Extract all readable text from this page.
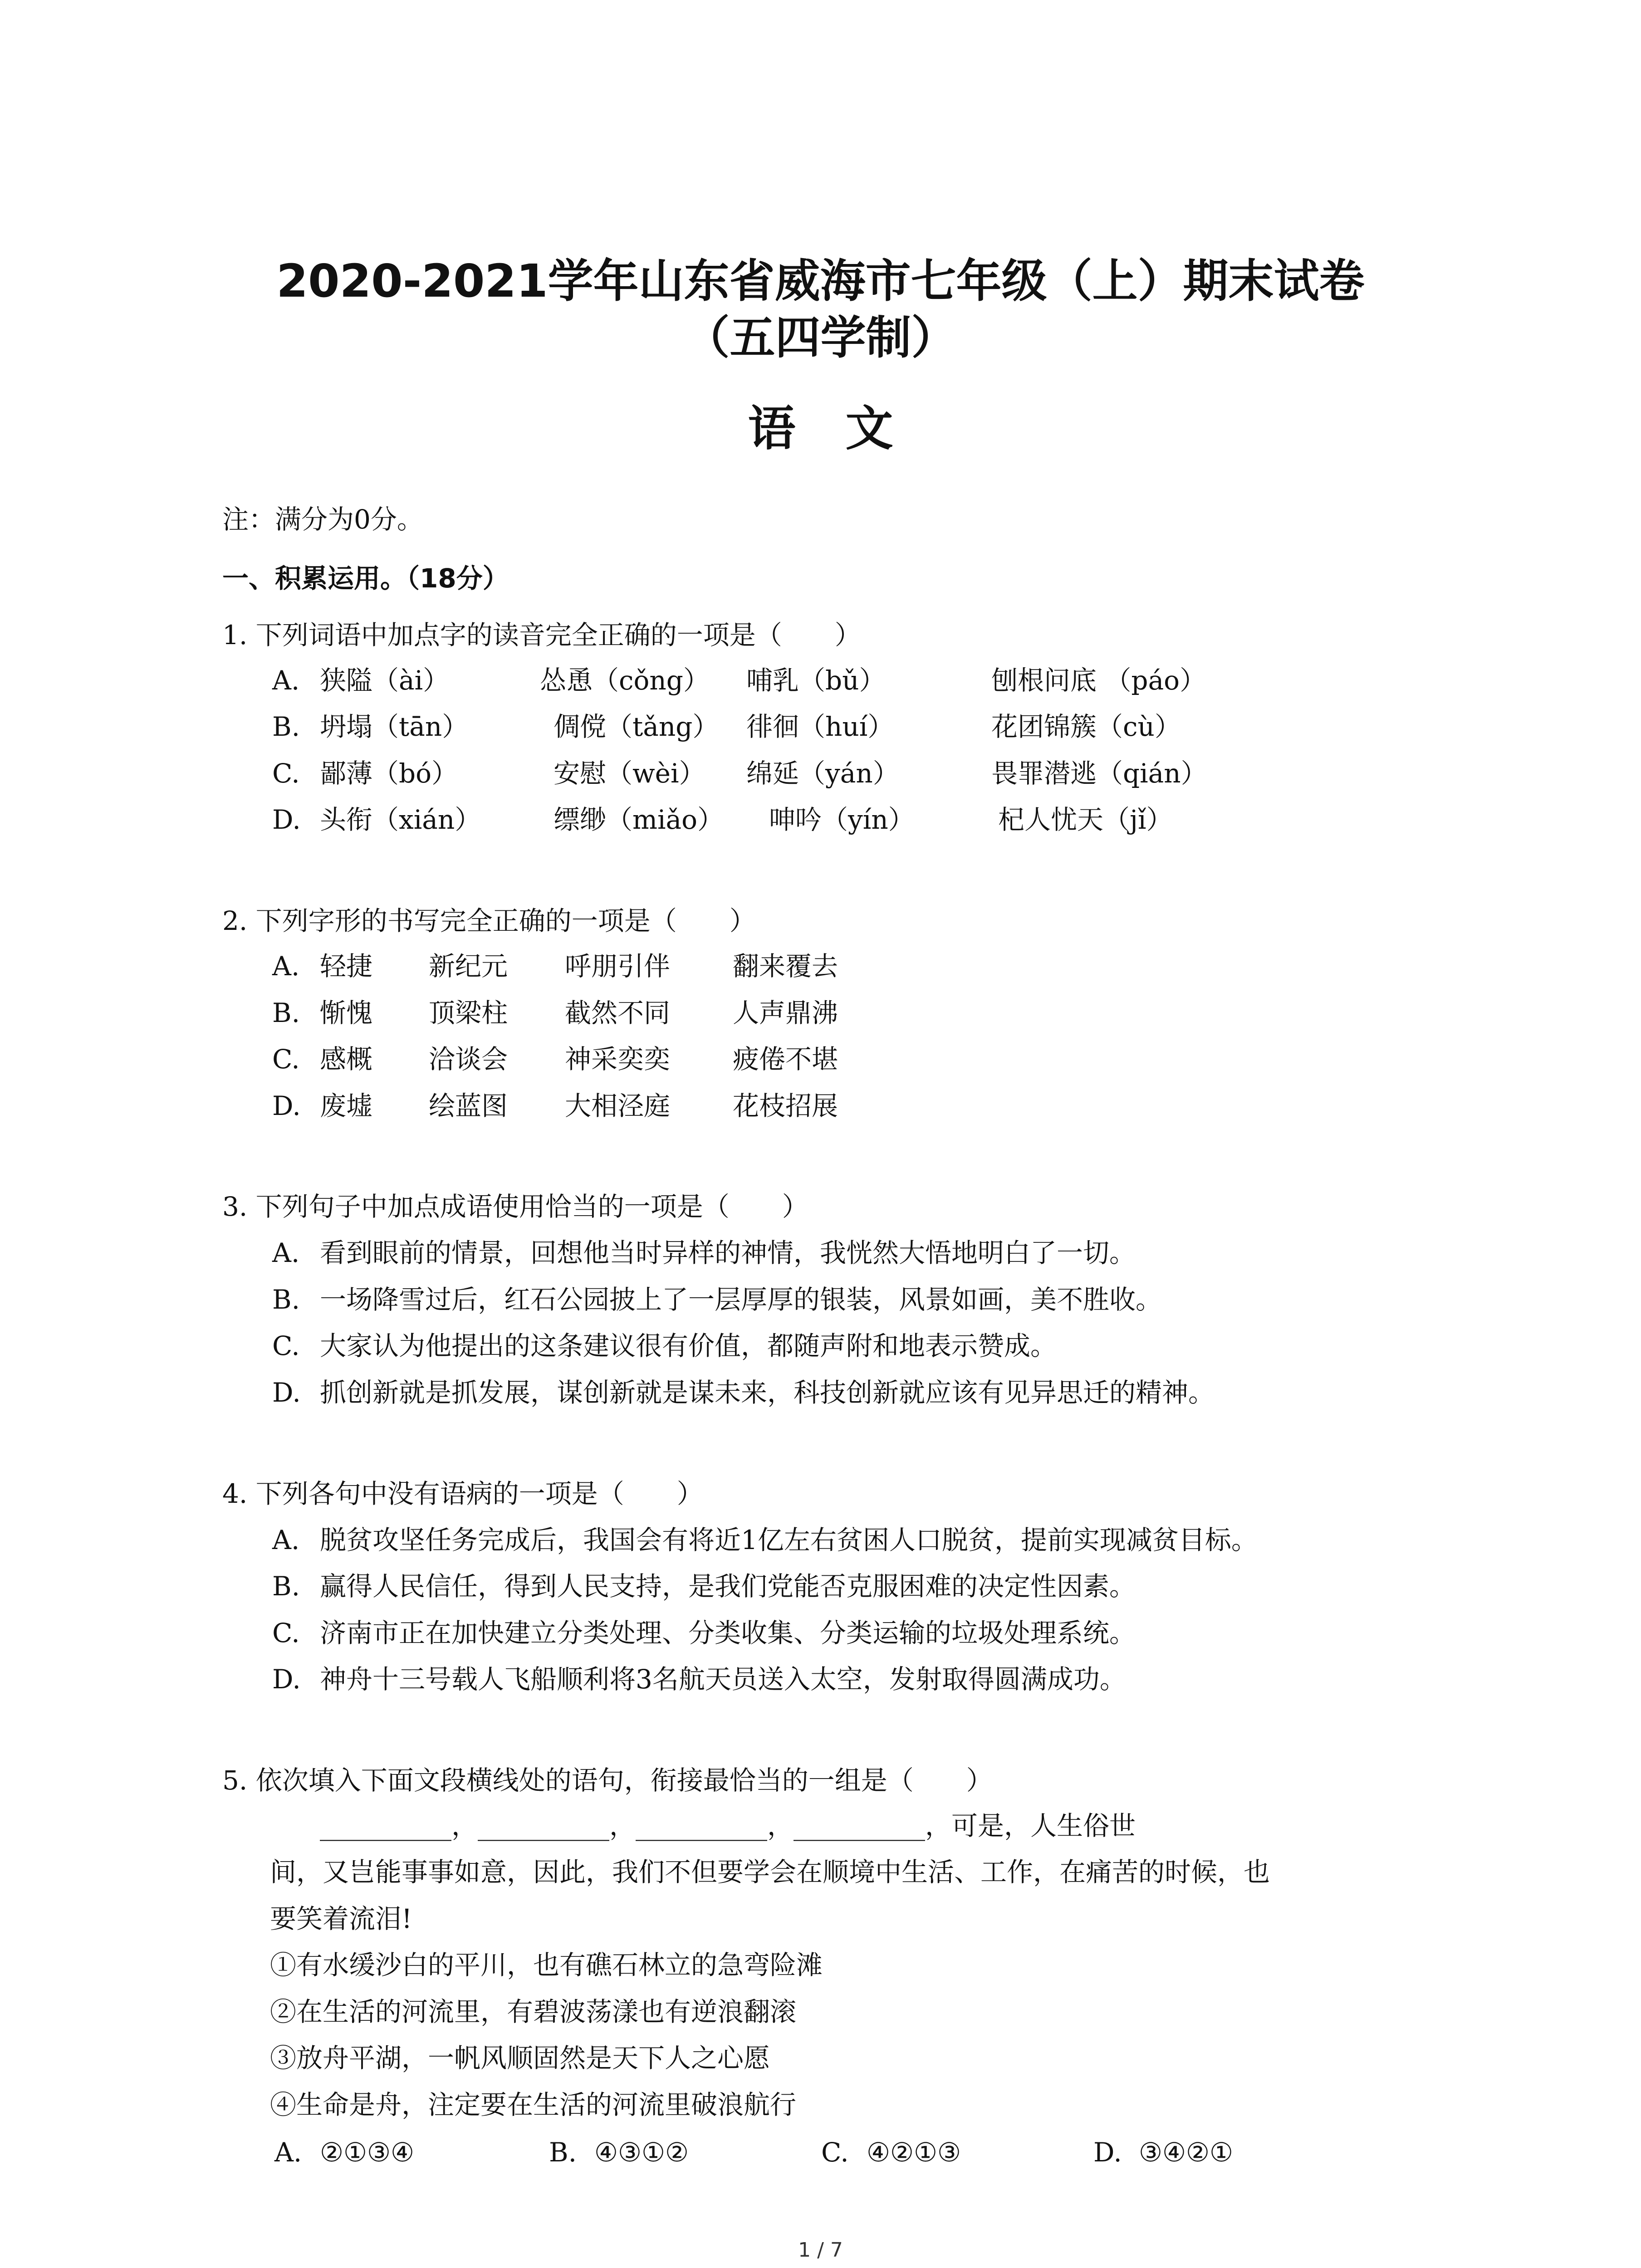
2020-2021学年山东省威海市七年级（上）期末试卷
（五四学制）
语文
注：满分为0分。
一、积累运用。（18分）
1. 下列词语中加点字的读音完全正确的一项是（　　）
A. 狭隘（ài）	怂恿（cǒng） 哺乳（bǔ）	刨根问底 （páo）
B. 坍塌（tān）	倜傥（tǎng） 徘徊（huí）	花团锦簇（cù）
C. 鄙薄（bó）	安慰（wèi） 绵延（yán）	畏罪潜逃（qián）
D. 头衔（xián）	缥缈（miǎo） 呻吟（yín）	杞人忧天（jǐ）
2. 下列字形的书写完全正确的一项是（　　）
A. 轻捷 新纪元 呼朋引伴 翻来覆去
B. 惭愧 顶梁柱 截然不同 人声鼎沸
C. 感概 洽谈会 神采奕奕 疲倦不堪
D. 废墟 绘蓝图 大相泾庭 花枝招展
3. 下列句子中加点成语使用恰当的一项是（　　）
A. 看到眼前的情景，回想他当时异样的神情，我恍然大悟地明白了一切。
B. 一场降雪过后，红石公园披上了一层厚厚的银装，风景如画，美不胜收。
C. 大家认为他提出的这条建议很有价值，都随声附和地表示赞成。
D. 抓创新就是抓发展，谋创新就是谋未来，科技创新就应该有见异思迁的精神。
4. 下列各句中没有语病的一项是（　　）
A. 脱贫攻坚任务完成后，我国会有将近1亿左右贫困人口脱贫，提前实现减贫目标。
B. 赢得人民信任，得到人民支持，是我们党能否克服困难的决定性因素。
C. 济南市正在加快建立分类处理、分类收集、分类运输的垃圾处理系统。
D. 神舟十三号载人飞船顺利将3名航天员送入太空，发射取得圆满成功。
5. 依次填入下面文段横线处的语句，衔接最恰当的一组是（　　）
__________，__________，__________，__________，可是，人生俗世
间，又岂能事事如意，因此，我们不但要学会在顺境中生活、工作，在痛苦的时候，也
要笑着流泪!
①有水缓沙白的平川，也有礁石林立的急弯险滩
②在生活的河流里，有碧波荡漾也有逆浪翻滚
③放舟平湖，一帆风顺固然是天下人之心愿
④生命是舟，注定要在生活的河流里破浪航行
A. ②①③④	B. ④③①②	C. ④②①③	D. ③④②①
1 / 7
